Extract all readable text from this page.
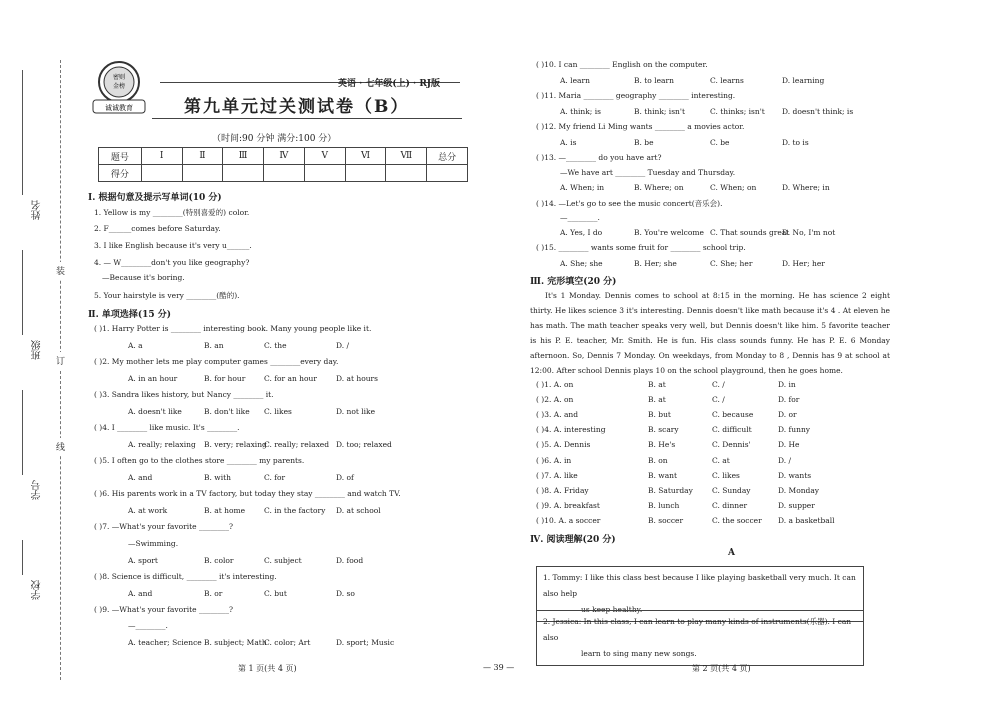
姓名
班级
学号
学校
装
订
线
密则
金榜
诚诚教育
英语 · 七年级(上) · RJ版
第九单元过关测试卷（B）
（时间:90 分钟 满分:100 分）
题号	Ⅰ	Ⅱ	Ⅲ	Ⅳ	Ⅴ	Ⅵ	Ⅶ	总分
得分								
Ⅰ. 根据句意及提示写单词(10 分)
1. Yellow is my ________(特别喜爱的) color.
2. F______comes before Saturday.
3. I like English because it's very u______.
4. — W________don't you like geography?
—Because it's boring.
5. Your hairstyle is very ________(酷的).
Ⅱ. 单项选择(15 分)
( )1. Harry Potter is ________ interesting book. Many young people like it.
A. a	B. an	C. the	D. /
( )2. My mother lets me play computer games ________every day.
A. in an hour	B. for hour C. for an hour	D. at hours
( )3. Sandra likes history, but Nancy ________ it.
A. doesn't like	B. don't like C. likes	D. not like
( )4. I ________ like music. It's ________.
A. really; relaxing B. very; relaxing
C. really; relaxed D. too; relaxed
( )5. I often go to the clothes store ________ my parents.
A. and	B. with	C. for	D. of
( )6. His parents work in a TV factory, but today they stay ________ and watch TV.
A. at work	B. at home	C. in the factory D. at school
( )7. —What's your favorite ________?
—Swimming.
A. sport	B. color	C. subject	D. food
( )8. Science is difficult, ________ it's interesting.
A. and	B. or	C. but	D. so
( )9. —What's your favorite ________?
—________.
A. teacher; Science B. subject; Math
C. color; Art	D. sport; Music
第 1 页(共 4 页)	— 39 —
( )10. I can ________ English on the computer.
A. learn	B. to learn	C. learns	D. learning
( )11. Maria ________ geography ________ interesting.
A. think; is	B. think; isn't	C. thinks; isn't D. doesn't think; is
( )12. My friend Li Ming wants ________ a movies actor.
A. is	B. be	C. be	D. to is
( )13. —________ do you have art?
—We have art ________ Tuesday and Thursday.
A. When; in	B. Where; on	C. When; on	D. Where; in
( )14. —Let's go to see the music concert(音乐会).
—________.
A. Yes, I do	B. You're welcome C. That sounds great
D. No, I'm not
( )15. ________ wants some fruit for ________ school trip.
A. She; she	B. Her; she	C. She; her	D. Her; her
Ⅲ. 完形填空(20 分)
It's 1 Monday. Dennis comes to school at 8:15 in the morning. He has science 2 eight thirty. He likes science 3 it's interesting. Dennis doesn't like math because it's 4 . At eleven he has math. The math teacher speaks very well, but Dennis doesn't like him. 5 favorite teacher is his P. E. teacher, Mr. Smith. He is fun. His class sounds funny. He has P. E. 6 Monday afternoon. So, Dennis 7 Monday. On weekdays, from Monday to 8 , Dennis has 9 at school at 12:00. After school Dennis plays 10 on the school playground, then he goes home.
( )1. A. on	B. at	C. /	D. in
( )2. A. on	B. at	C. /	D. for
( )3. A. and	B. but	C. because	D. or
( )4. A. interesting	B. scary	C. difficult	D. funny
( )5. A. Dennis	B. He's	C. Dennis'	D. He
( )6. A. in	B. on	C. at	D. /
( )7. A. like	B. want	C. likes	D. wants
( )8. A. Friday	B. Saturday	C. Sunday	D. Monday
( )9. A. breakfast	B. lunch	C. dinner	D. supper
( )10. A. a soccer	B. soccer	C. the soccer D. a basketball
Ⅳ. 阅读理解(20 分)
A
1. Tommy: I like this class best because I like playing basketball very much. It can also help
us keep healthy.
2. Jessica: In this class, I can learn to play many kinds of instruments(乐器). I can also
learn to sing many new songs.
第 2 页(共 4 页)
